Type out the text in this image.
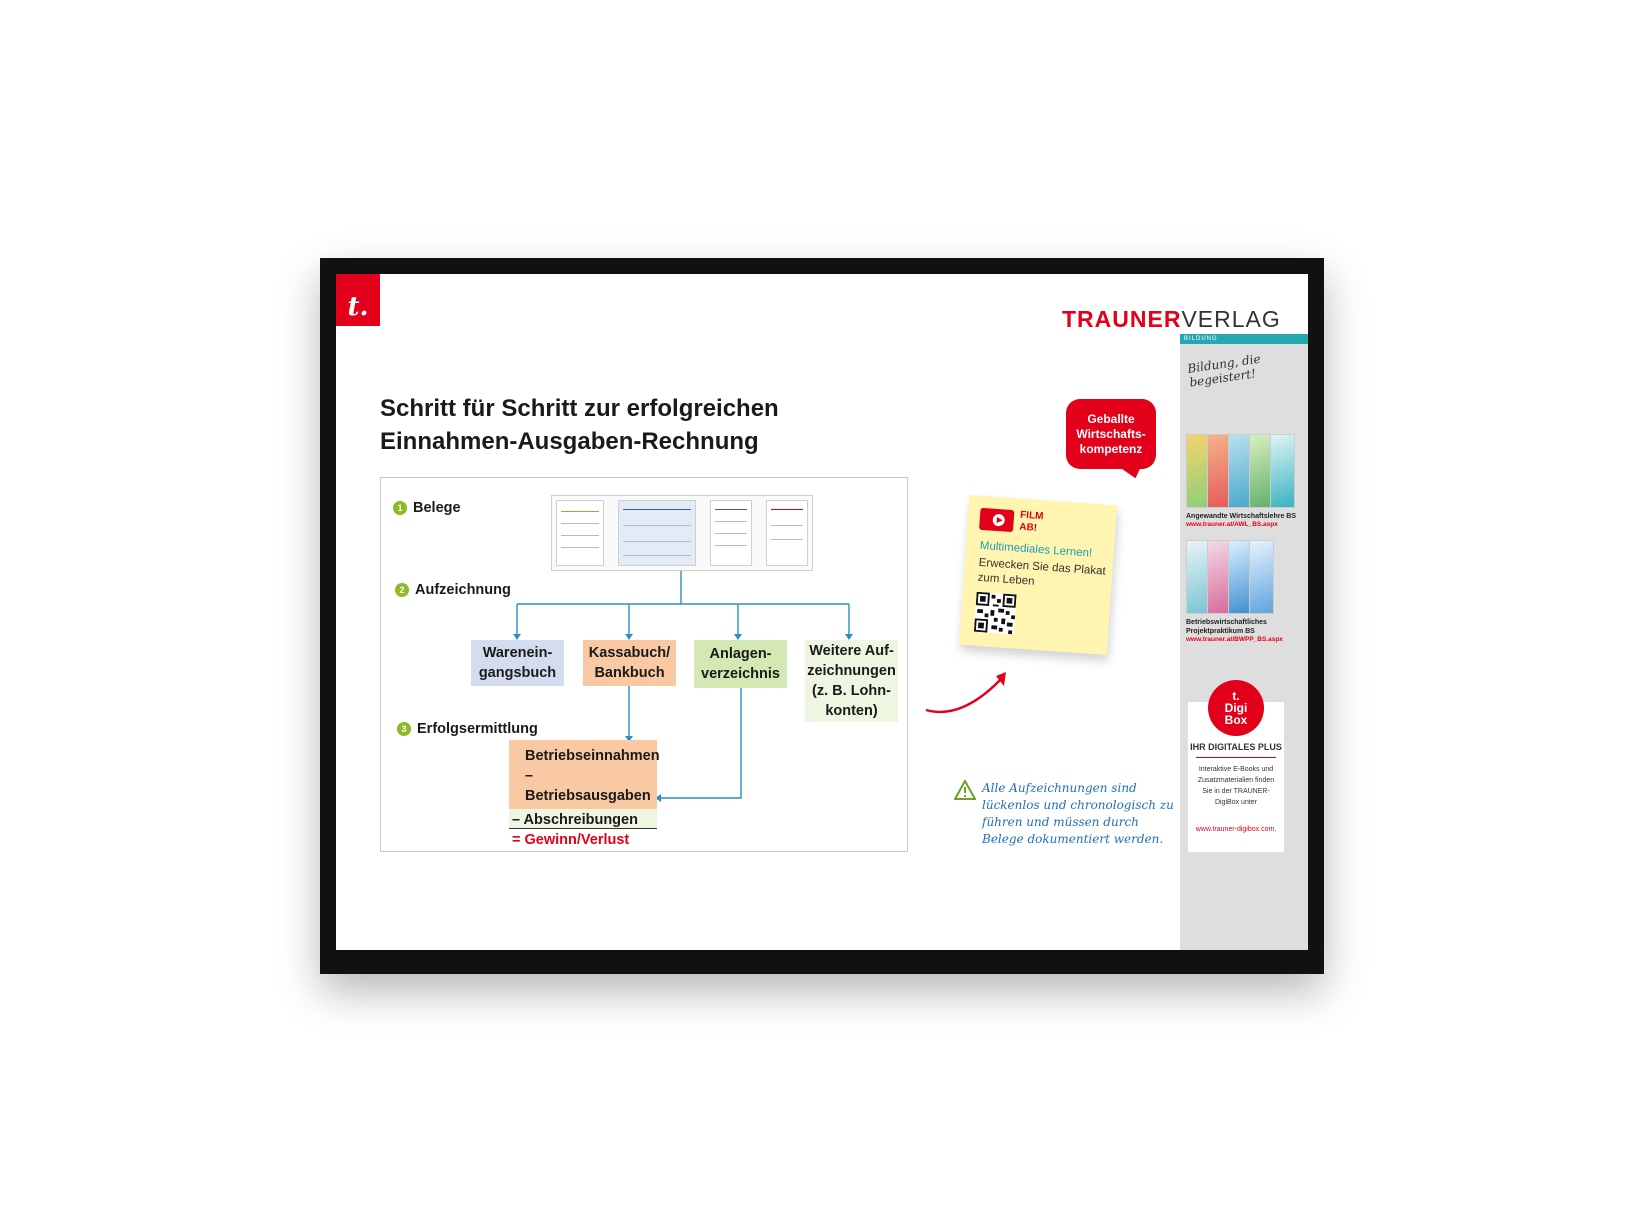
t.	TRAUNERVERLAG
BILDUNG
Bildung, die begeistert!
Schritt für Schritt zur erfolgreichen
Einnahmen-Ausgaben-Rechnung
1 Belege
2 Aufzeichnung
3 Erfolgsermittlung
Warenein-
gangsbuch
Kassabuch/
Bankbuch
Anlagen-
verzeichnis
Weitere Auf-
zeichnungen
(z. B. Lohn-
konten)
Betriebseinnahmen
– Betriebsausgaben
– Abschreibungen
= Gewinn/Verlust
Geballte
Wirtschafts-
kompetenz
FILM
AB!
Multimediales Lernen!
Erwecken Sie das Plakat zum Leben
Alle Aufzeichnungen sind lückenlos und chronologisch zu führen und müssen durch Belege dokumentiert werden.
Angewandte Wirtschaftslehre BS
www.trauner.at/AWL_BS.aspx
Betriebswirtschaftliches Projektpraktikum BS
www.trauner.at/BWPP_BS.aspx
t.
Digi
Box
IHR DIGITALES PLUS
Interaktive E-Books und Zusatzmaterialien finden Sie in der TRAUNER-DigiBox unter
www.trauner-digibox.com.
